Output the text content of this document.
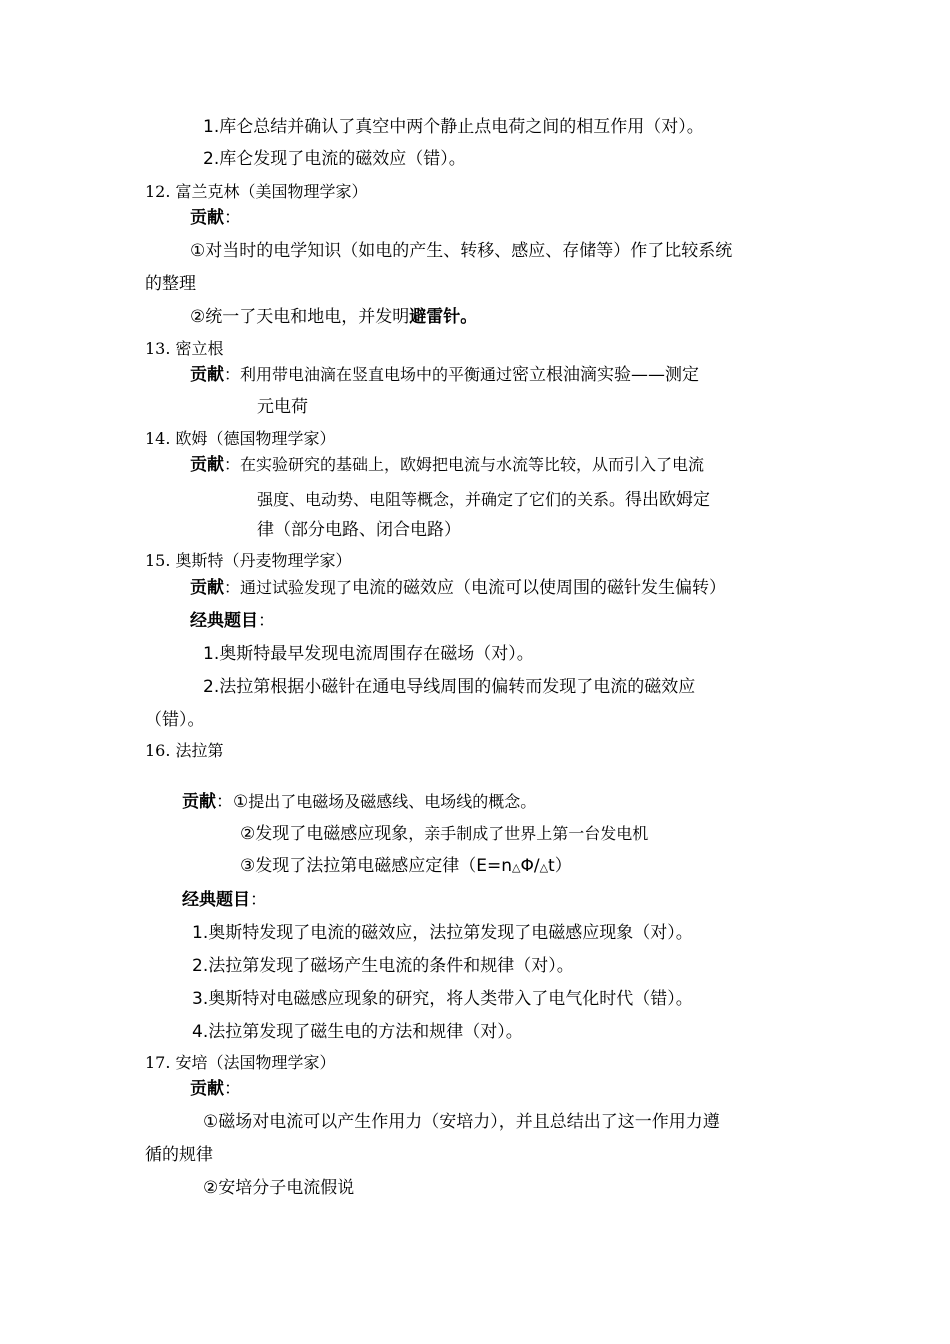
1.库仑总结并确认了真空中两个静止点电荷之间的相互作用（对）。
2.库仑发现了电流的磁效应（错）。
12. 富兰克林（美国物理学家）
贡献：
①对当时的电学知识（如电的产生、转移、感应、存储等）作了比较系统
的整理
②统一了天电和地电，并发明避雷针。
13. 密立根
贡献：利用带电油滴在竖直电场中的平衡通过密立根油滴实验——测定
元电荷
14. 欧姆（德国物理学家）
贡献：在实验研究的基础上，欧姆把电流与水流等比较，从而引入了电流
强度、电动势、电阻等概念，并确定了它们的关系。得出欧姆定
律（部分电路、闭合电路）
15. 奥斯特（丹麦物理学家）
贡献：通过试验发现了电流的磁效应（电流可以使周围的磁针发生偏转）
经典题目：
1.奥斯特最早发现电流周围存在磁场（对）。
2.法拉第根据小磁针在通电导线周围的偏转而发现了电流的磁效应
（错）。
16. 法拉第
贡献：①提出了电磁场及磁感线、电场线的概念。
②发现了电磁感应现象，亲手制成了世界上第一台发电机
③发现了法拉第电磁感应定律（E=n△Φ/△t）
经典题目：
1.奥斯特发现了电流的磁效应，法拉第发现了电磁感应现象（对）。
2.法拉第发现了磁场产生电流的条件和规律（对）。
3.奥斯特对电磁感应现象的研究，将人类带入了电气化时代（错）。
4.法拉第发现了磁生电的方法和规律（对）。
17. 安培（法国物理学家）
贡献：
①磁场对电流可以产生作用力（安培力），并且总结出了这一作用力遵
循的规律
②安培分子电流假说
